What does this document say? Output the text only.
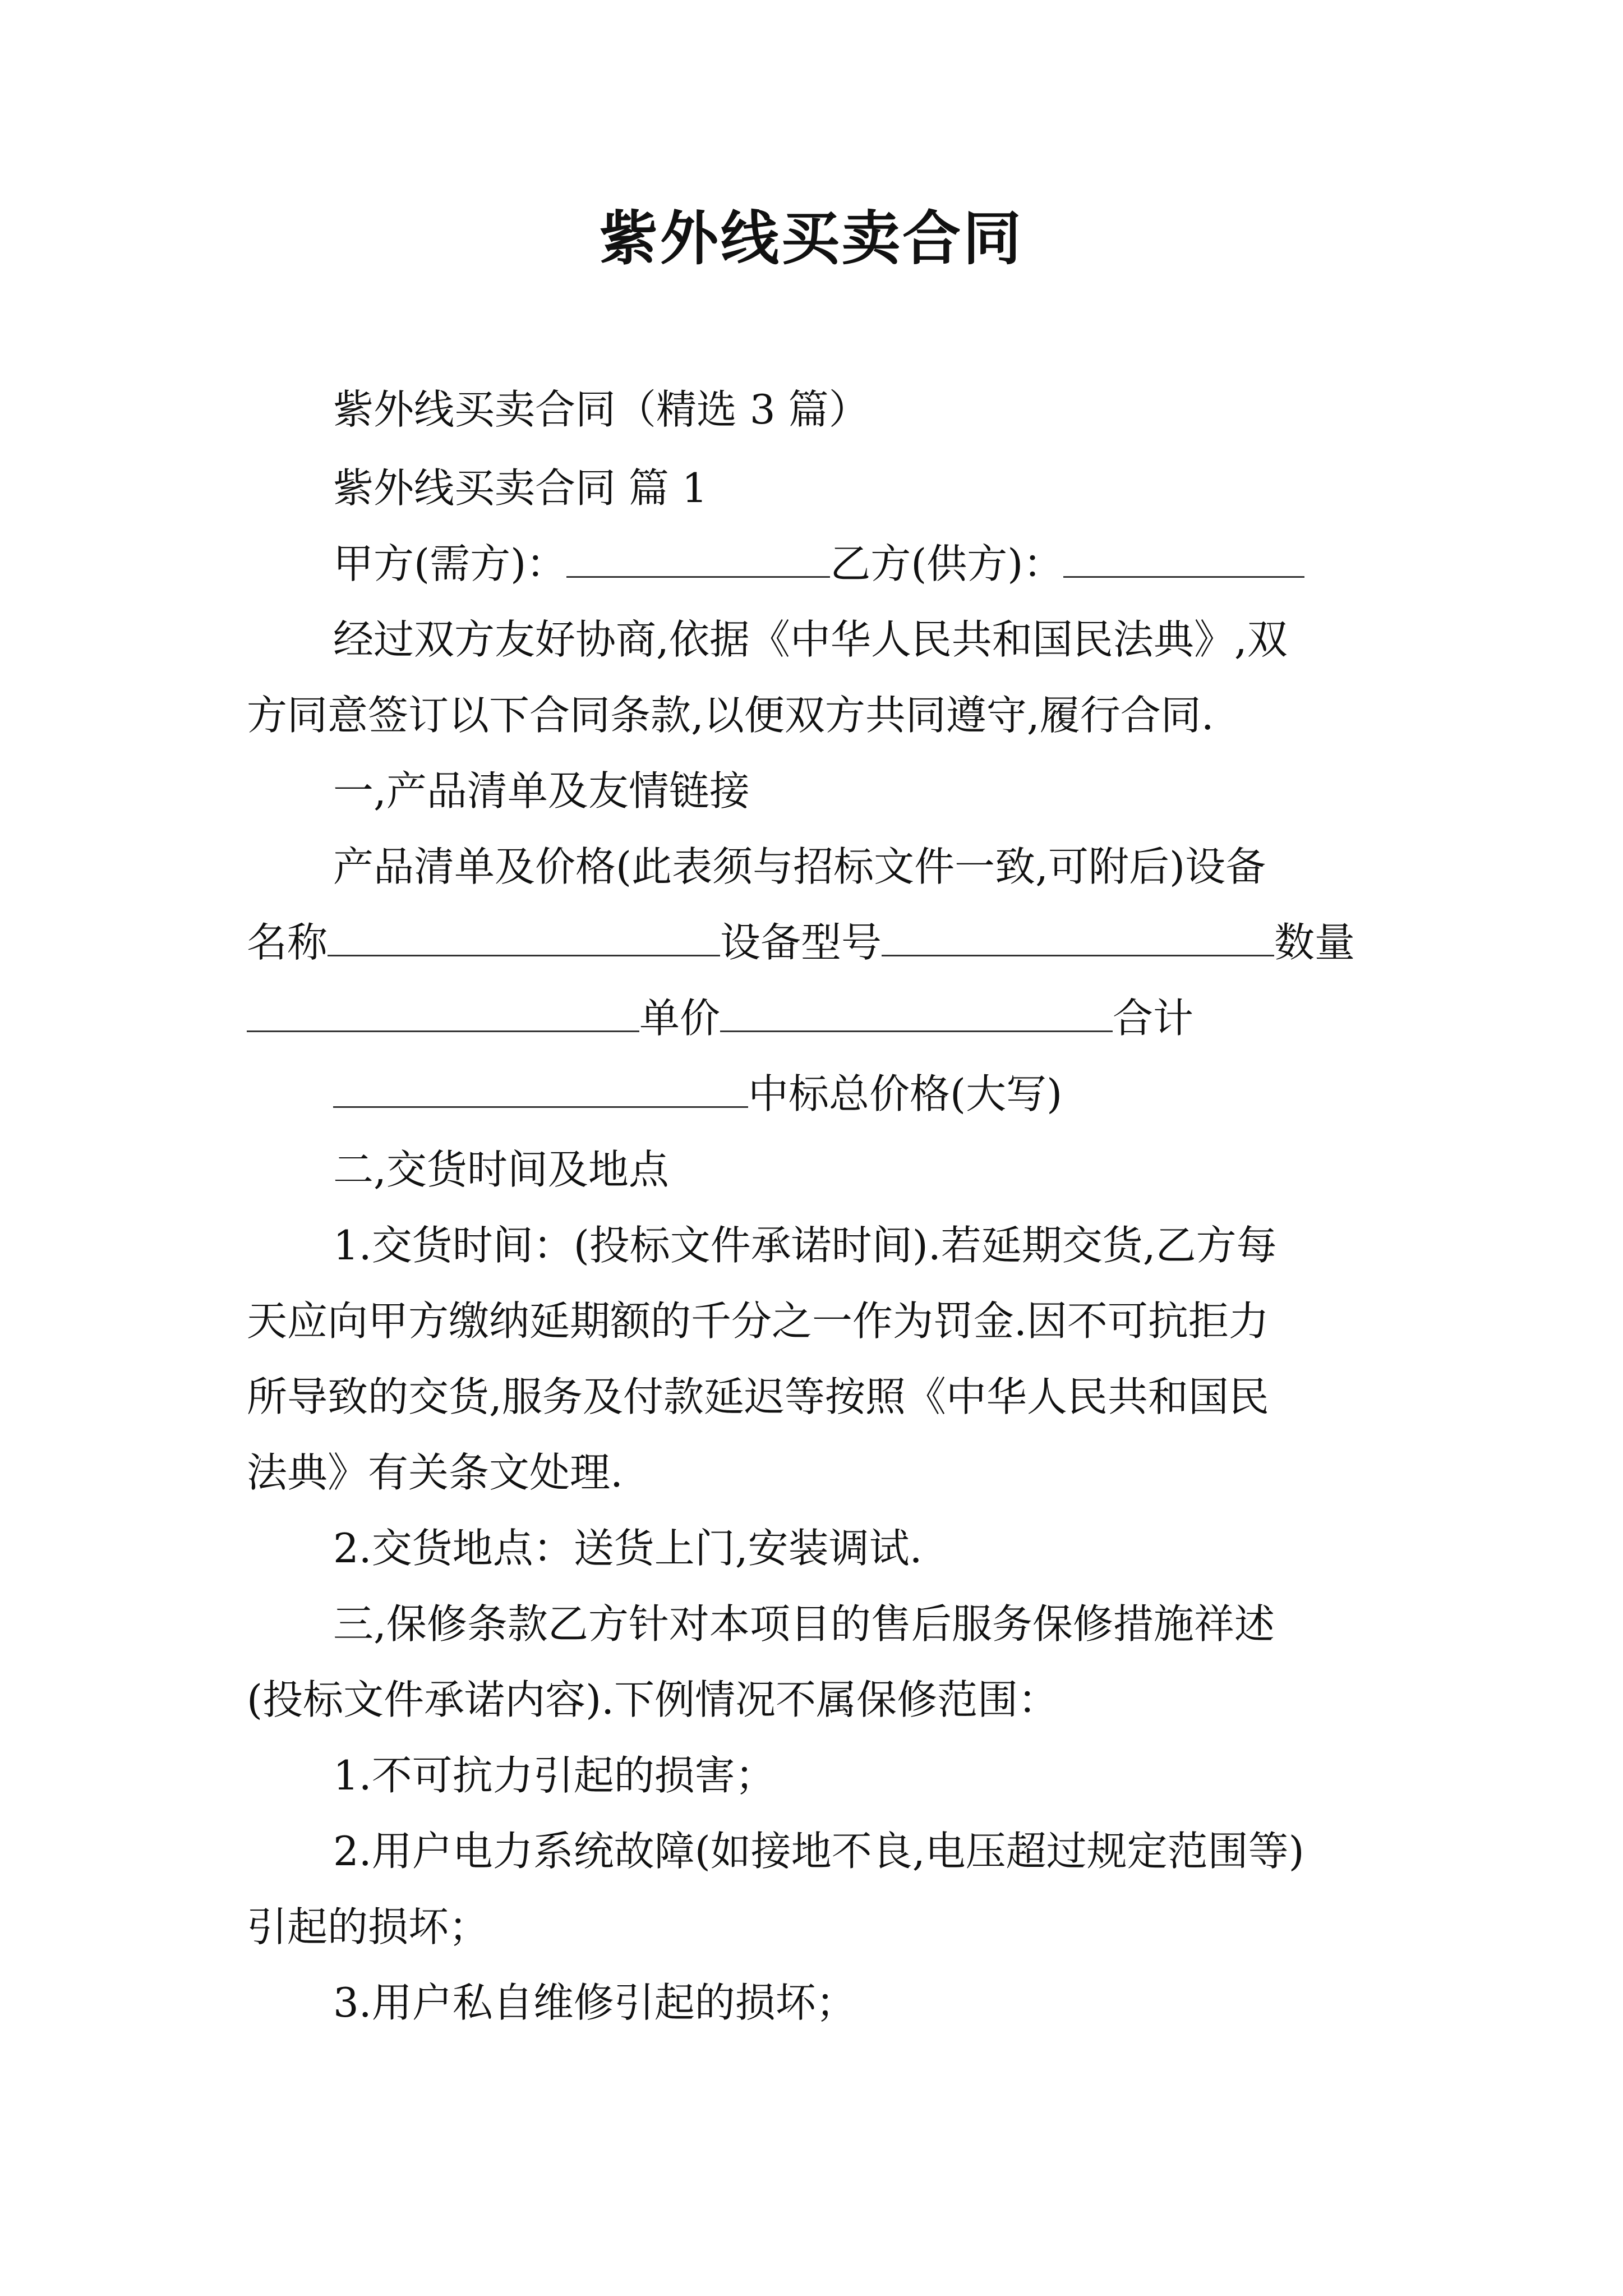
紫外线买卖合同
紫外线买卖合同（精选 3 篇）
紫外线买卖合同 篇 1
甲方(需方)：	乙方(供方)：
经过双方友好协商,依据《中华人民共和国民法典》,双
方同意签订以下合同条款,以便双方共同遵守,履行合同.
一,产品清单及友情链接
产品清单及价格(此表须与招标文件一致,可附后)设备
名称	设备型号	数量
单价	合计
中标总价格(大写)
二,交货时间及地点
1.交货时间：(投标文件承诺时间).若延期交货,乙方每
天应向甲方缴纳延期额的千分之一作为罚金.因不可抗拒力
所导致的交货,服务及付款延迟等按照《中华人民共和国民
法典》有关条文处理.
2.交货地点：送货上门,安装调试.
三,保修条款乙方针对本项目的售后服务保修措施祥述
(投标文件承诺内容).下例情况不属保修范围：
1.不可抗力引起的损害；
2.用户电力系统故障(如接地不良,电压超过规定范围等)
引起的损坏；
3.用户私自维修引起的损坏；
